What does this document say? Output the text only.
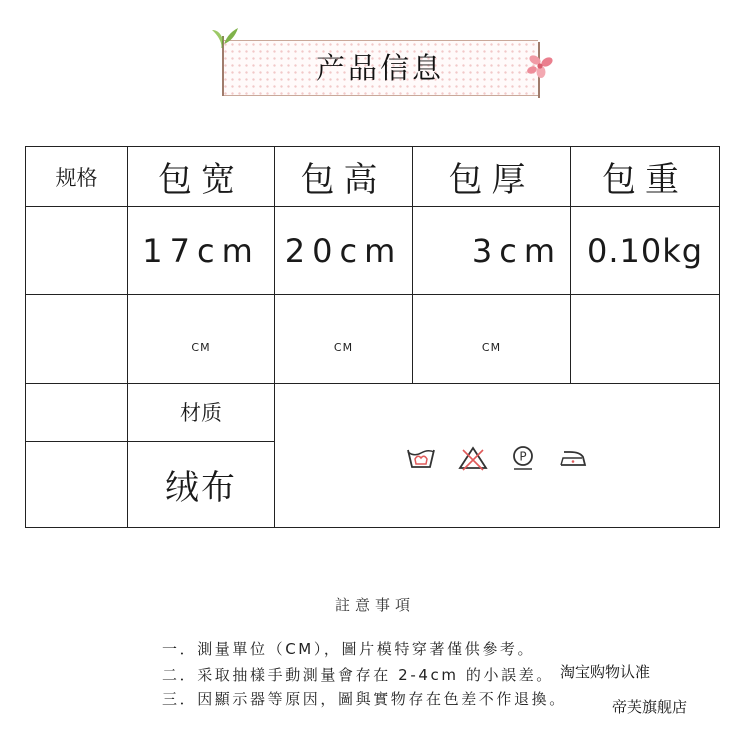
产品信息
规格	包宽	包高	包厚	包重
	17cm	20cm	3cm	0.10kg
	CM	CM	CM	
	材质	P		

	绒布			
註意事項
一．測量單位（CM），圖片模特穿著僅供參考。
二．采取抽樣手動測量會存在 2-4cm 的小誤差。
三．因顯示器等原因，圖與實物存在色差不作退換。
淘宝购物认准
帝芙旗舰店
